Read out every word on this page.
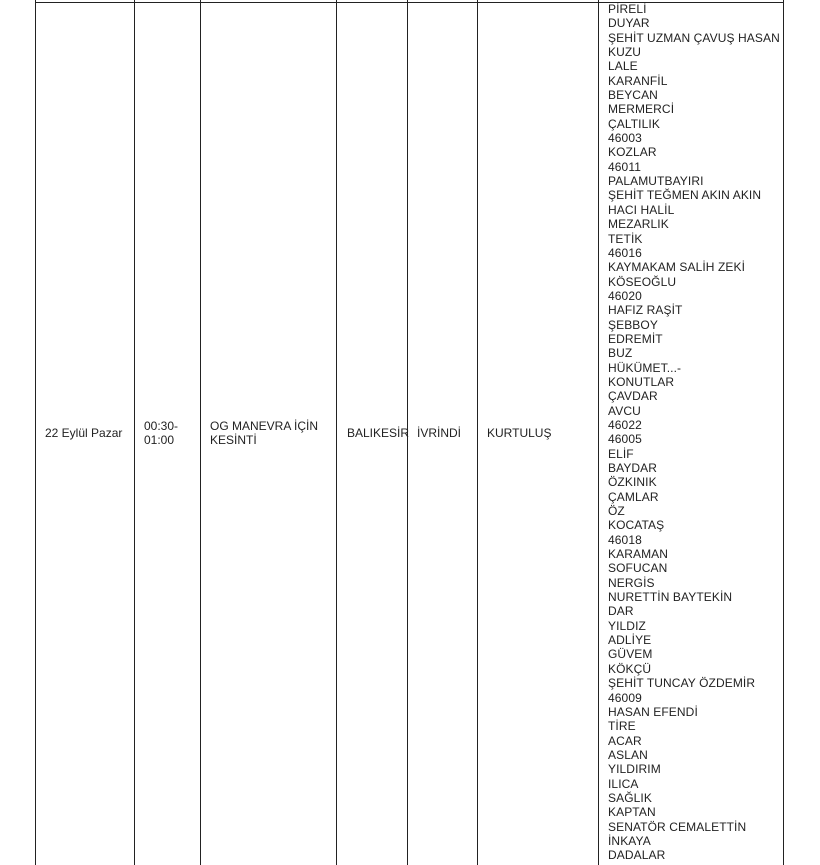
22 Eylül Pazar 00:30-01:00
OG MANEVRA İÇİN KESİNTİ	BALIKESİR İVRİNDİ KURTULUŞ
PİRELİ
DUYAR
ŞEHİT UZMAN ÇAVUŞ HASAN
KUZU
LALE
KARANFİL
BEYCAN
MERMERCİ
ÇALTILIK
46003
KOZLAR
46011
PALAMUTBAYIRI
ŞEHİT TEĞMEN AKIN AKIN
HACI HALİL
MEZARLIK
TETİK
46016
KAYMAKAM SALİH ZEKİ
KÖSEOĞLU
46020
HAFIZ RAŞİT
ŞEBBOY
EDREMİT
BUZ
HÜKÜMET...-
KONUTLAR
ÇAVDAR
AVCU
46022
46005
ELİF
BAYDAR
ÖZKINIK
ÇAMLAR
ÖZ
KOCATAŞ
46018
KARAMAN
SOFUCAN
NERGİS
NURETTİN BAYTEKİN
DAR
YILDIZ
ADLİYE
GÜVEM
KÖKÇÜ
ŞEHİT TUNCAY ÖZDEMİR
46009
HASAN EFENDİ
TİRE
ACAR
ASLAN
YILDIRIM
ILICA
SAĞLIK
KAPTAN
SENATÖR CEMALETTİN
İNKAYA
DADALAR
